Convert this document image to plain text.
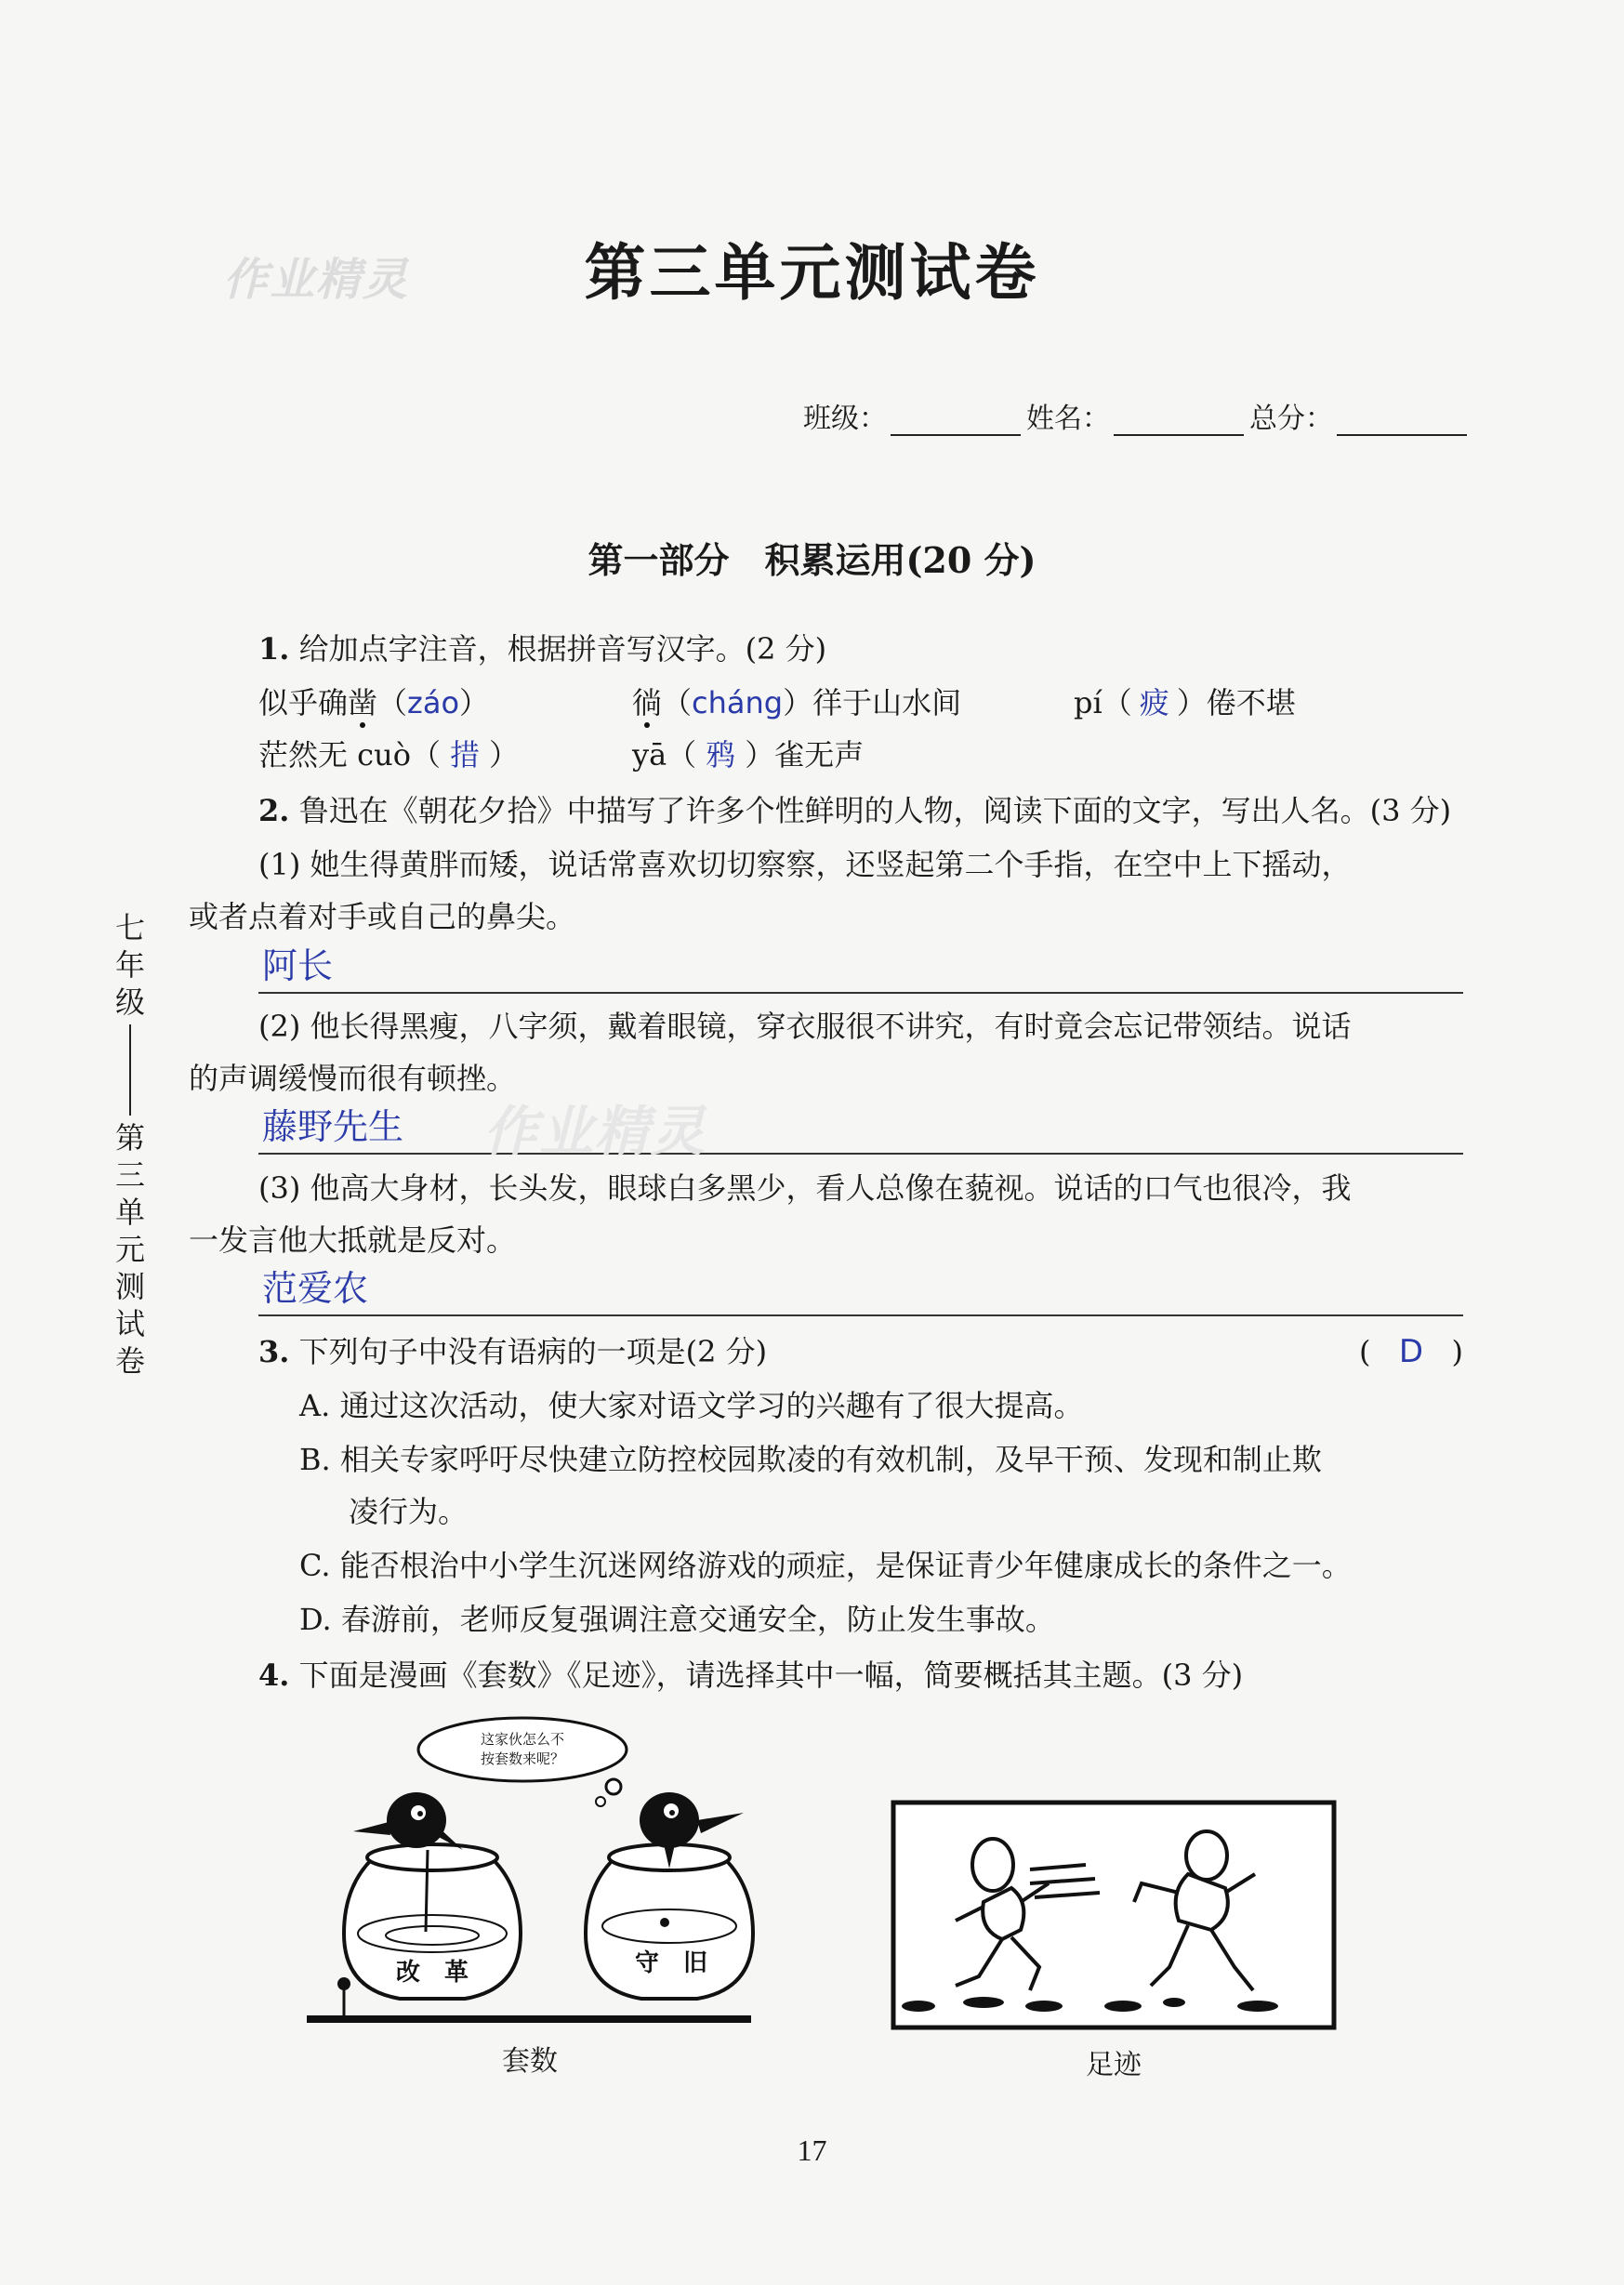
作业精灵	第三单元测试卷
班级：	姓名：	总分：
第一部分　积累运用(20 分)
七
年
级
第
三
单
元
测
试
卷
1. 给加点字注音，根据拼音写汉字。(2 分)
似乎确凿（záo）	徜（cháng）徉于山水间	pí（ 疲 ）倦不堪
茫然无 cuò（ 措 ）	yā（ 鸦 ）雀无声
2. 鲁迅在《朝花夕拾》中描写了许多个性鲜明的人物，阅读下面的文字，写出人名。(3 分)
(1) 她生得黄胖而矮，说话常喜欢切切察察，还竖起第二个手指，在空中上下摇动，
或者点着对手或自己的鼻尖。
阿长
(2) 他长得黑瘦，八字须，戴着眼镜，穿衣服很不讲究，有时竟会忘记带领结。说话
的声调缓慢而很有顿挫。
藤野先生 作业精灵
(3) 他高大身材，长头发，眼球白多黑少，看人总像在藐视。说话的口气也很冷，我
一发言他大抵就是反对。
范爱农
3. 下列句子中没有语病的一项是(2 分)	( D )
A. 通过这次活动，使大家对语文学习的兴趣有了很大提高。
B. 相关专家呼吁尽快建立防控校园欺凌的有效机制，及早干预、发现和制止欺
凌行为。
C. 能否根治中小学生沉迷网络游戏的顽症，是保证青少年健康成长的条件之一。
D. 春游前，老师反复强调注意交通安全，防止发生事故。
4. 下面是漫画《套数》《足迹》，请选择其中一幅，简要概括其主题。(3 分)
这家伙怎么不
按套数来呢？
改　革	守　旧
套数	足迹
17
